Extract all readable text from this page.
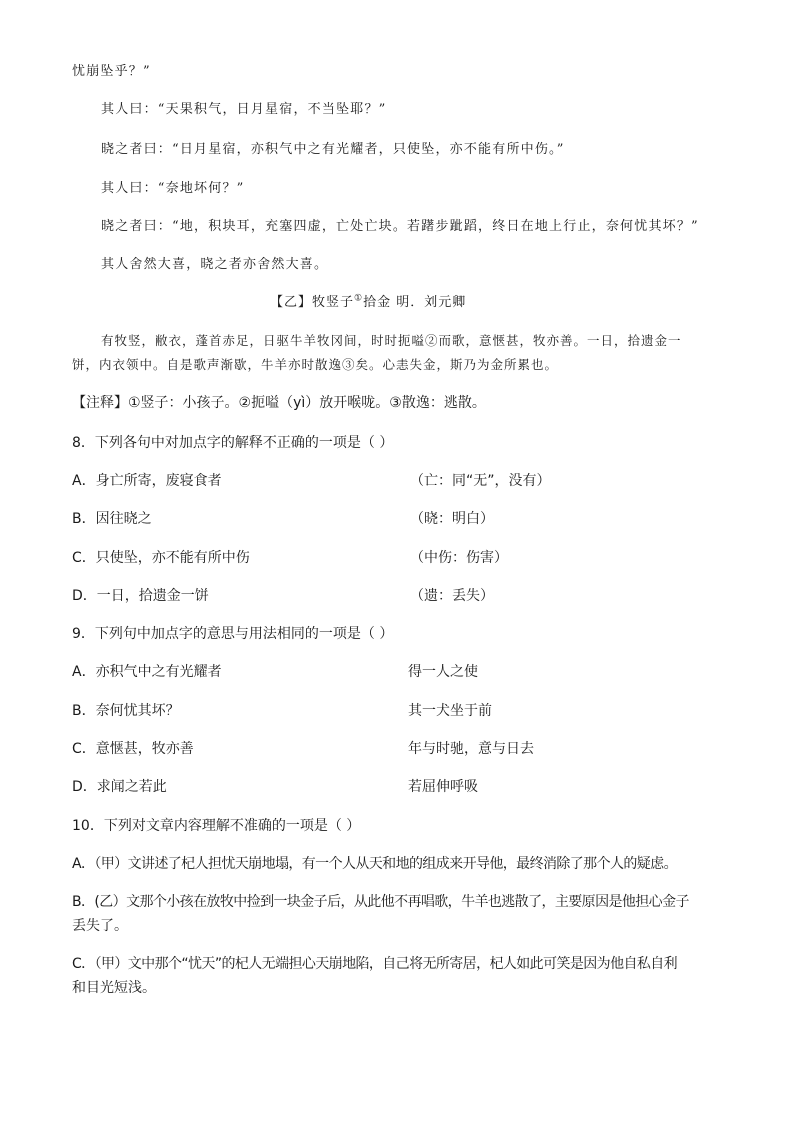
忧崩坠乎？”
其人曰：“天果积气，日月星宿，不当坠耶？”
晓之者曰：“日月星宿，亦积气中之有光耀者，只使坠，亦不能有所中伤。”
其人曰：“奈地坏何？”
晓之者曰：“地，积块耳，充塞四虚，亡处亡块。若躇步跐蹈，终日在地上行止，奈何忧其坏？”
其人舍然大喜，晓之者亦舍然大喜。
【乙】牧竖子①拾金 明．刘元卿
有牧竖，敝衣，蓬首赤足，日驱牛羊牧冈间，时时扼嗌②而歌，意惬甚，牧亦善。一日，拾遗金一
饼，内衣领中。自是歌声渐歇，牛羊亦时散逸③矣。心恚失金，斯乃为金所累也。
【注释】①竖子：小孩子。②扼嗌（yì）放开喉咙。③散逸：逃散。
8．下列各句中对加点字的解释不正确的一项是（ ）
A．身亡所寄，废寝食者	（亡：同“无”，没有）
B．因往晓之	（晓：明白）
C．只使坠，亦不能有所中伤	（中伤：伤害）
D．一日，拾遗金一饼	（遗：丢失）
9．下列句中加点字的意思与用法相同的一项是（ ）
A．亦积气中之有光耀者	得一人之使
B．奈何忧其坏？	其一犬坐于前
C．意惬甚，牧亦善	年与时驰，意与日去
D．求闻之若此	若屈伸呼吸
10．下列对文章内容理解不准确的一项是（ ）
A．（甲）文讲述了杞人担忧天崩地塌，有一个人从天和地的组成来开导他，最终消除了那个人的疑虑。
B．(乙）文那个小孩在放牧中捡到一块金子后，从此他不再唱歌，牛羊也逃散了，主要原因是他担心金子
丢失了。
C．（甲）文中那个“忧天”的杞人无端担心天崩地陷，自己将无所寄居，杞人如此可笑是因为他自私自利
和目光短浅。
